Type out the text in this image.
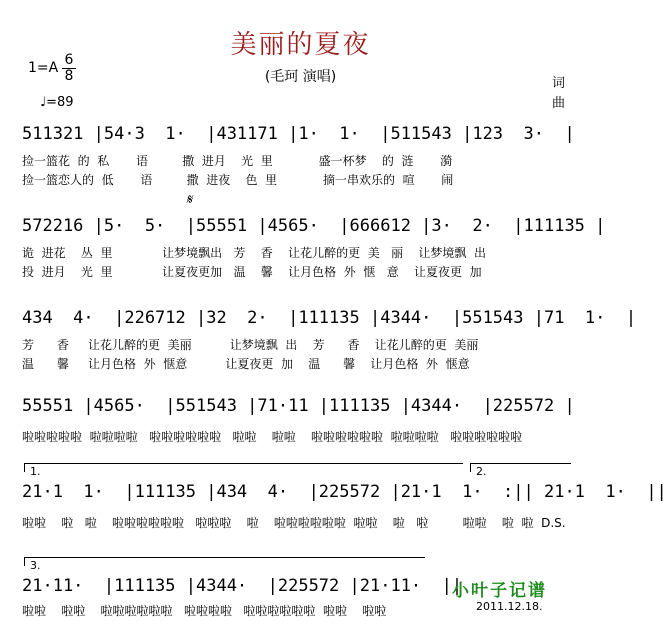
美丽的夏夜
(毛珂 演唱)
$1=A \frac{6}{8}$
♩=89
词
曲
511321 |54·3  1·  |431171 |1·  1·  |511543 |123  3·  |
捡一篮花  的  私       语         撒  进月    光  里            盛一杯梦    的  涟       漪
捡一篮恋人的  低       语         撒  进夜    色  里            摘一串欢乐的  喧       闹
572216 |5·  5·  |55551 |4565·  |666612 |3·  2·  |111135 |
诡  进花    丛  里             让梦境飘出   芳    香    让花儿醉的更  美   丽    让梦境飘  出
投  进月    光  里             让夏夜更加   温    馨    让月色格  外  惬   意    让夏夜更  加
𝄋
434  4·  |226712 |32  2·  |111135 |4344·  |551543 |71  1·  |
芳      香     让花儿醉的更  美丽          让梦境飘  出    芳      香    让花儿醉的更  美丽
温      馨     让月色格  外  惬意          让夏夜更  加    温      馨    让月色格  外  惬意
55551 |4565·  |551543 |71·11 |111135 |4344·  |225572 |
啦啦啦啦啦  啦啦啦啦   啦啦啦啦啦啦   啦啦    啦啦    啦啦啦啦啦啦  啦啦啦啦   啦啦啦啦啦啦
1.	2.
21·1  1·  |111135 |434  4·  |225572 |21·1  1·  :|| 21·1  1·  ||
啦啦    啦   啦    啦啦啦啦啦啦   啦啦啦    啦    啦啦啦啦啦啦  啦啦    啦   啦         啦啦    啦  啦  D.S.
3.
21·11·  |111135 |4344·  |225572 |21·11·  ||
啦啦    啦啦    啦啦啦啦啦啦   啦啦啦啦   啦啦啦啦啦啦  啦啦    啦啦
小叶子记谱
2011.12.18.
